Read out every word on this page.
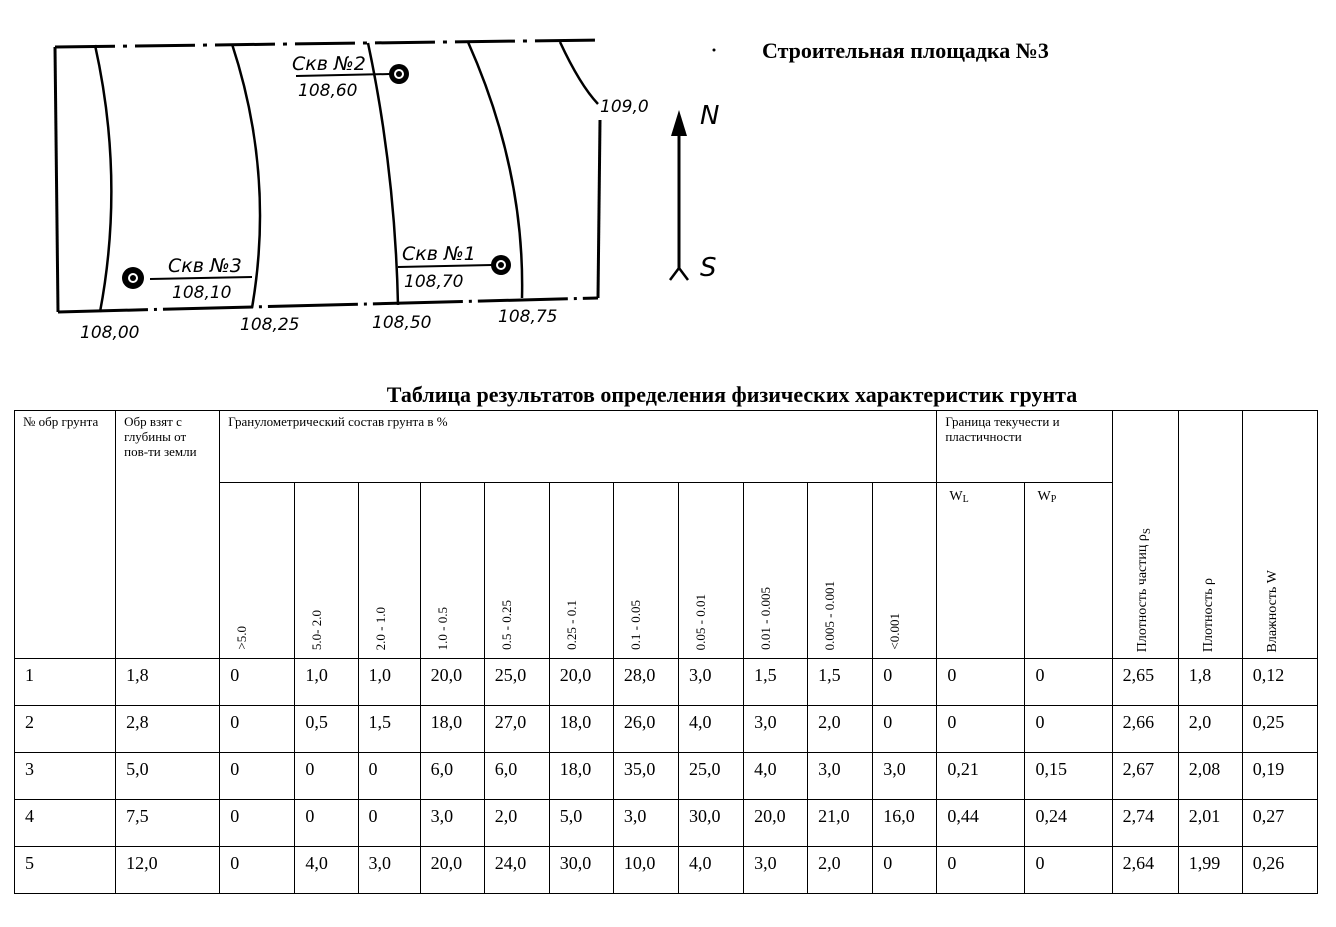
Скв №2
108,60
Скв №1
108,70
Скв №3
108,10
108,00	108,25	108,50	108,75
109,0 N
S
Строительная площадка №3
Таблица результатов определения физических характеристик грунта
№ обр грунта	Обр взят с глубины от пов-ти земли	Гранулометрический состав грунта в %											Граница текучести и пластичности		Плотность частиц $\rho_S$	Плотность ρ	Влажность W

		>5.0	5.0- 2.0	2.0 - 1.0	1.0 - 0.5	0.5 - 0.25	0.25 - 0.1	0.1 - 0.05	0.05 - 0.01	0.01 - 0.005	0.005 - 0.001	<0.001	$W_L$	$W_P$
1	1,8	0	1,0	1,0	20,0	25,0	20,0	28,0	3,0	1,5	1,5	0	0	0	2,65	1,8	0,12
2	2,8	0	0,5	1,5	18,0	27,0	18,0	26,0	4,0	3,0	2,0	0	0	0	2,66	2,0	0,25
3	5,0	0	0	0	6,0	6,0	18,0	35,0	25,0	4,0	3,0	3,0	0,21	0,15	2,67	2,08	0,19
4	7,5	0	0	0	3,0	2,0	5,0	3,0	30,0	20,0	21,0	16,0	0,44	0,24	2,74	2,01	0,27
5	12,0	0	4,0	3,0	20,0	24,0	30,0	10,0	4,0	3,0	2,0	0	0	0	2,64	1,99	0,26
